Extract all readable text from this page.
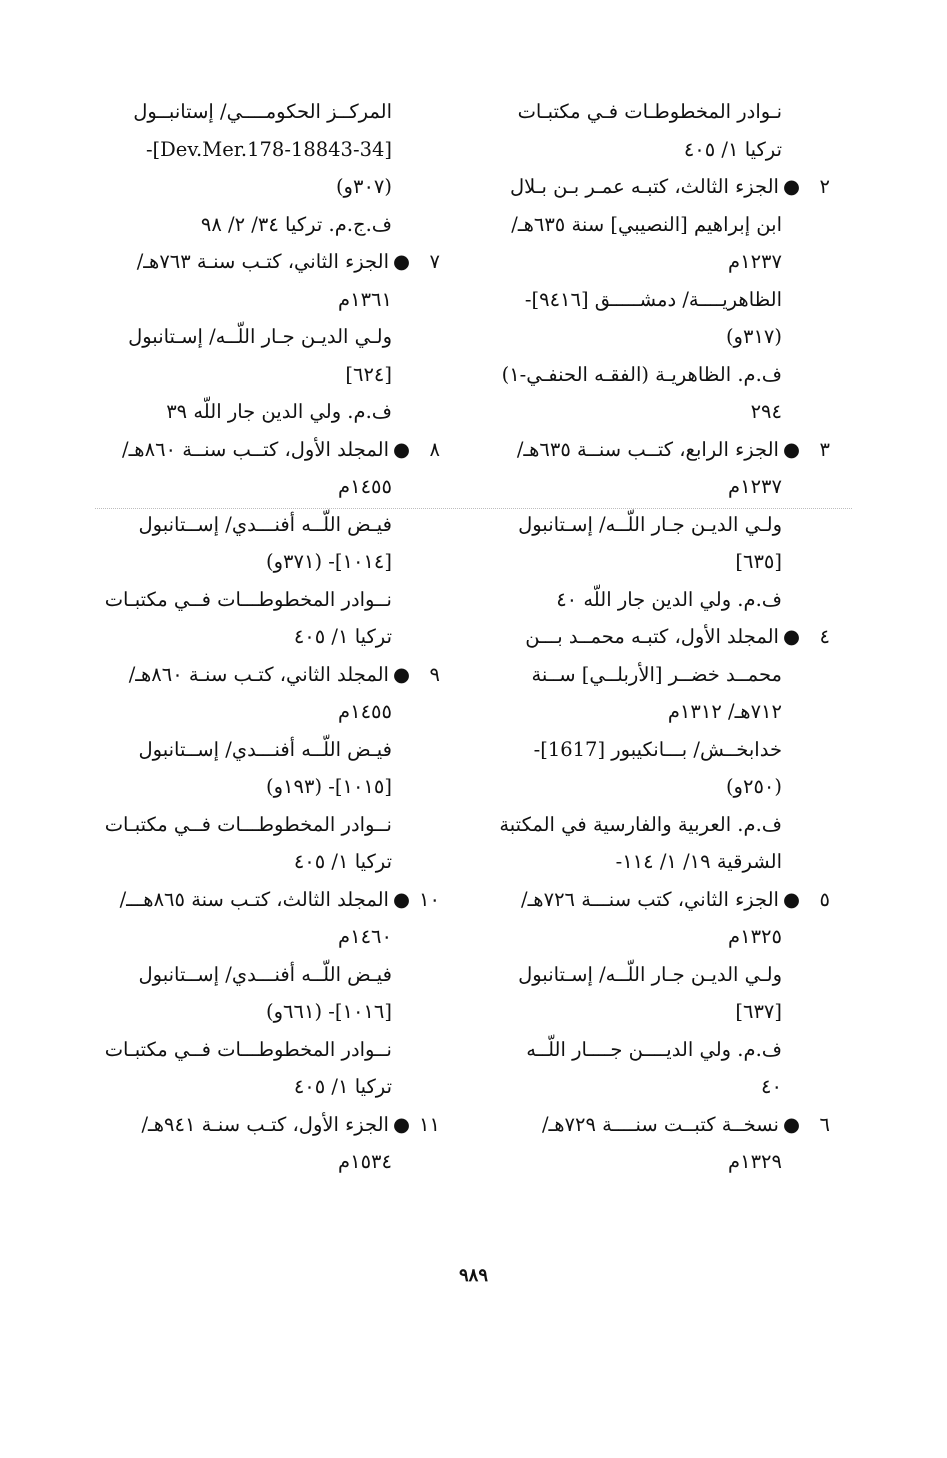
نـوادر المخطوطـات فـي مكتبـات
تركيا ١/ ٤٠٥
٢●الجزء الثالث، كتبـه عمـر بـن بـلال
ابن إبراهيم [النصيبي] سنة ٦٣٥هـ/
١٢٣٧م
الظاهريــــة/ دمشـــــق [٩٤١٦]-
(٣١٧و)
ف.م. الظاهريـة (الفقـه الحنفـي-١)
٢٩٤
٣●الجزء الرابع، كتــب سنــة ٦٣٥هـ/
١٢٣٧م
ولـي الديـن جـار اللّــه/ إسـتانبول
[٦٣٥]
ف.م. ولي الدين جار اللّه ٤٠
٤●المجلد الأول، كتبـه محمــد بـــن
محمــد خضــر [الأربلــي] ســنة
٧١٢هـ/ ١٣١٢م
خدابخــش/ بـــانكيبور [1617]-
(٢٥٠و)
ف.م. العربية والفارسية في المكتبة
الشرقية ١٩/ ١/ ١١٤-
٥●الجزء الثاني، كتب سنـــة ٧٢٦هـ/
١٣٢٥م
ولـي الديـن جـار اللّــه/ إسـتانبول
[٦٣٧]
ف.م. ولي الديــــن جــــار اللّــه
٤٠
٦●نسخــة كتبــت سنــــة ٧٢٩هـ/
١٣٢٩م
المركــز الحكومــــي/ إستانبــول
[34-Dev.Mer.178-18843]-
(٣٠٧و)
ف.ج.م. تركيا ٣٤/ ٢/ ٩٨
٧●الجزء الثاني، كتـب سنـة ٧٦٣هـ/
١٣٦١م
ولـي الديـن جـار اللّــه/ إسـتانبول
[٦٢٤]
ف.م. ولي الدين جار اللّه ٣٩
٨●المجلد الأول، كتــب سنــة ٨٦٠هـ/
١٤٥٥م
فيـض اللّــه أفنـــدي/ إســتانبول
[١٠١٤]- (٣٧١و)
نــوادر المخطوطـــات فــي مكتبـات
تركيا ١/ ٤٠٥
٩●المجلد الثاني، كتـب سنـة ٨٦٠هـ/
١٤٥٥م
فيـض اللّــه أفنـــدي/ إســتانبول
[١٠١٥]- (١٩٣و)
نــوادر المخطوطـــات فــي مكتبـات
تركيا ١/ ٤٠٥
١٠●المجلد الثالث، كتـب سنة ٨٦٥هـــ/
١٤٦٠م
فيـض اللّــه أفنـــدي/ إســتانبول
[١٠١٦]- (٦٦١و)
نــوادر المخطوطـــات فــي مكتبـات
تركيا ١/ ٤٠٥
١١●الجزء الأول، كتـب سنـة ٩٤١هـ/
١٥٣٤م
٩٨٩
